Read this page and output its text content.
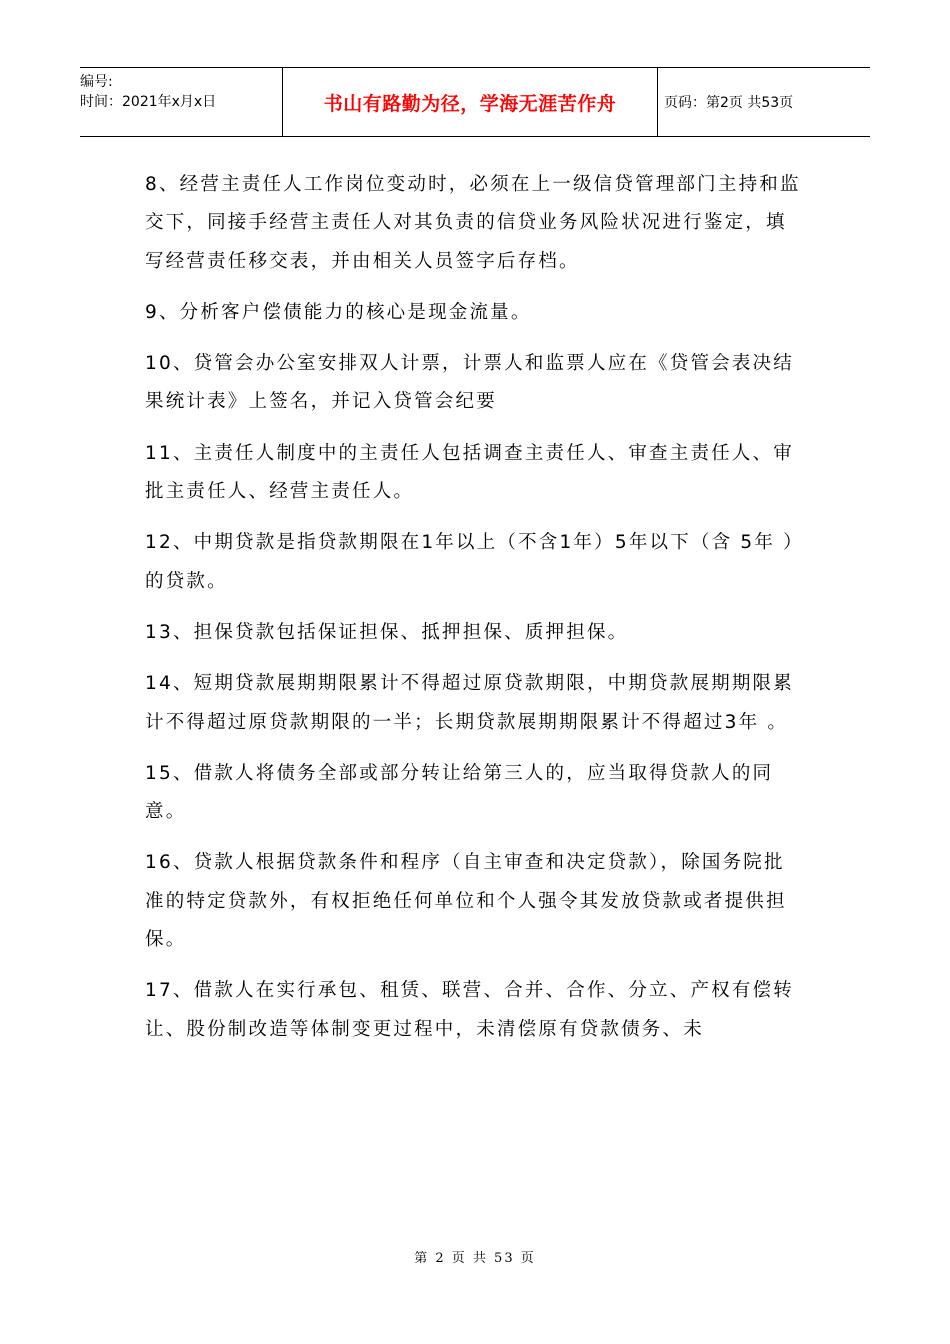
编号:
时间：2021年x月x日	书山有路勤为径，学海无涯苦作舟	页码：第2页 共53页

8、经营主责任人工作岗位变动时，必须在上一级信贷管理部门主持和监交下，同接手经营主责任人对其负责的信贷业务风险状况进行鉴定，填写经营责任移交表，并由相关人员签字后存档。

9、分析客户偿债能力的核心是现金流量。

10、贷管会办公室安排双人计票，计票人和监票人应在《贷管会表决结果统计表》上签名，并记入贷管会纪要

11、主责任人制度中的主责任人包括调查主责任人、审查主责任人、审批主责任人、经营主责任人。

12、中期贷款是指贷款期限在1年以上（不含1年）5年以下（含 5年 ）的贷款。

13、担保贷款包括保证担保、抵押担保、质押担保。

14、短期贷款展期期限累计不得超过原贷款期限，中期贷款展期期限累计不得超过原贷款期限的一半；长期贷款展期期限累计不得超过3年 。

15、借款人将债务全部或部分转让给第三人的，应当取得贷款人的同意。

16、贷款人根据贷款条件和程序（自主审查和决定贷款），除国务院批准的特定贷款外，有权拒绝任何单位和个人强令其发放贷款或者提供担保。

17、借款人在实行承包、租赁、联营、合并、合作、分立、产权有偿转让、股份制改造等体制变更过程中，未清偿原有贷款债务、未

第 2 页 共 53 页
